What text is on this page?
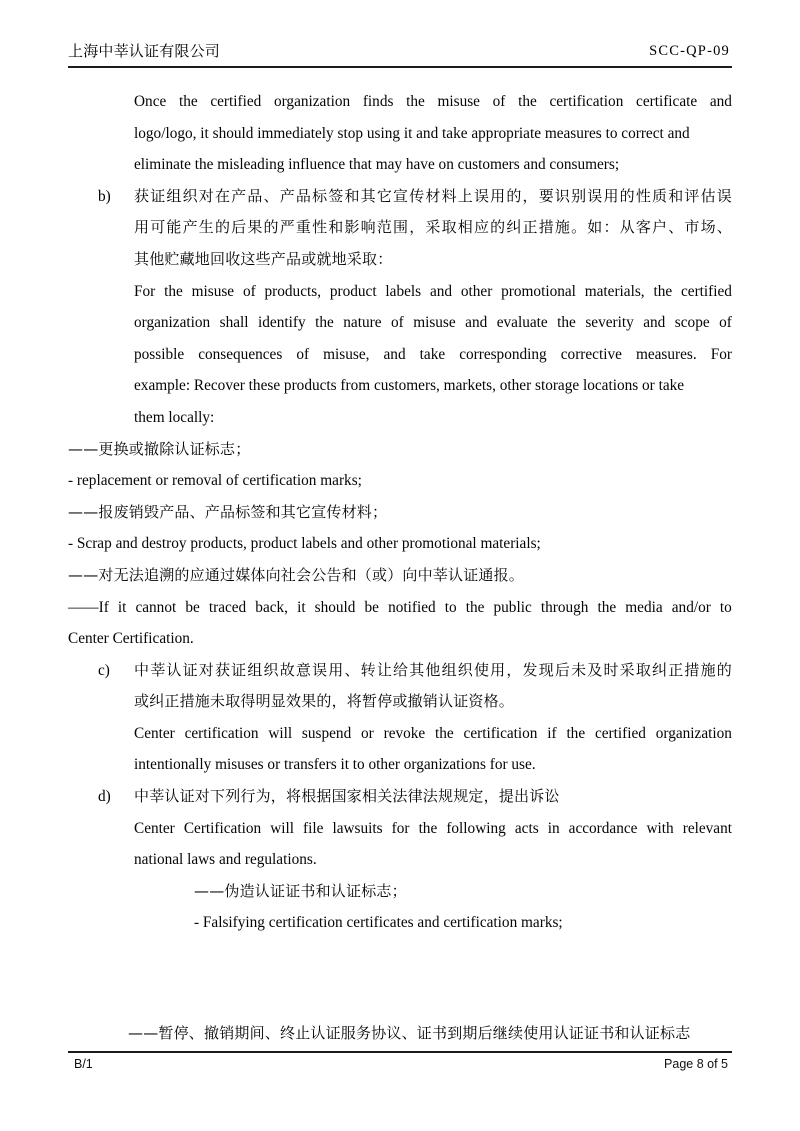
上海中莘认证有限公司	SCC-QP-09
Once the certified organization finds the misuse of the certification certificate and
logo/logo, it should immediately stop using it and take appropriate measures to correct and
eliminate the misleading influence that may have on customers and consumers;
b)	获 证 组 织 对 在 产 品 、 产 品 标 签 和 其 它 宣 传 材 料 上 误 用 的 ， 要 识 别 误 用 的 性 质 和 评 估 误
用 可 能 产 生 的 后 果 的 严 重 性 和 影 响 范 围 ， 采 取 相 应 的 纠 正 措 施 。 如 ： 从 客 户 、 市 场 、
其他贮藏地回收这些产品或就地采取：
For the misuse of products, product labels and other promotional materials, the certified
organization shall identify the nature of misuse and evaluate the severity and scope of
possible consequences of misuse, and take corresponding corrective measures. For
example: Recover these products from customers, markets, other storage locations or take
them locally:
——更换或撤除认证标志；
- replacement or removal of certification marks;
——报废销毁产品、产品标签和其它宣传材料；
- Scrap and destroy products, product labels and other promotional materials;
——对无法追溯的应通过媒体向社会公告和（或）向中莘认证通报。
——If it cannot be traced back, it should be notified to the public through the media and/or to
Center Certification.
c)	中 莘 认 证 对 获 证 组 织 故 意 误 用 、 转 让 给 其 他 组 织 使 用 ， 发 现 后 未 及 时 采 取 纠 正 措 施 的
或纠正措施未取得明显效果的，将暂停或撤销认证资格。
Center certification will suspend or revoke the certification if the certified organization
intentionally misuses or transfers it to other organizations for use.
d)	中莘认证对下列行为，将根据国家相关法律法规规定，提出诉讼
Center Certification will file lawsuits for the following acts in accordance with relevant
national laws and regulations.
——伪造认证证书和认证标志；
- Falsifying certification certificates and certification marks;
——暂停、撤销期间、终止认证服务协议、证书到期后继续使用认证证书和认证标志
B/1	Page 8 of 5
